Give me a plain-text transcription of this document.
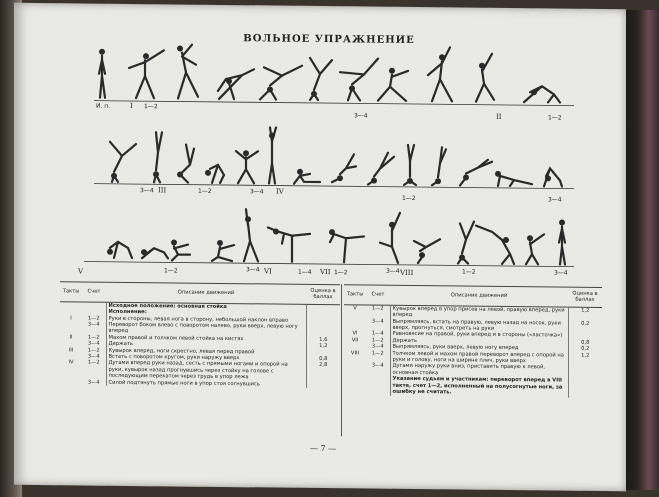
ВОЛЬНОЕ УПРАЖНЕНИЕ
И. п.	I 1—2
3—4	II	1—2
3—4 III	1—2	3—4 IV
1—2	3—4
V	1—2	3—4 VI	1—4 VII 1—2	3—4 VIII	1—2	3—4
Такты	Счет	Описание движений	Оценка в баллах
		Исходное положение: основная стойка	
		Исполнение:	
I	1—2	Руки в стороны, левая нога в сторону, небольшой наклон вправо	
	3—4	Переворот боком влево с поворотом налево, руки вверх, левую ногу вперед	
II	1—2	Махом правой и толчком левой стойка на кистях	1,6
	3—4	Держать	1,2
III	1—2	Кувырок вперед, ноги скрестно, левая перед правой	
	3—4	Встать с поворотом кругом, руки наружу вверх	0,8
IV	1—2	Дугами вперед руки назад, сесть с прямыми ногами и опорой на руки, кувырок назад прогнувшись через стойку на голове с последующим перекатом через грудь в упор лежа	2,8
	3—4	Силой подтянуть прямые ноги в упор стоя согнувшись	
Такты	Счет	Описание движений	Оценка в баллах
V	1—2	Кувырок вперед в упор присев на левой, правую вперед, руки вперед	1,2
	3—4	Выпрямляясь, встать на правую, левую назад на носок, руки вверх, прогнуться, смотреть на руки	0,2
VI	1—4	Равновесие на правой, руки вперед и в стороны («ласточка»)	
VII	1—2	Держать	0,8
	3—4	Выпрямляясь, руки вверх, левую ногу вперед	0,2
VIII	1—2	Толчком левой и махом правой переворот вперед с опорой на руки и голову, ноги на ширине плеч, руки вверх	1,2
	3—4	Дугами наружу руки вниз, приставить правую к левой, основная стойка	
		Указание судьям и участникам: переворот вперед в VIII такте, счет 1—2, исполненный на полусогнутые ноги, за ошибку не считать.	
— 7 —
